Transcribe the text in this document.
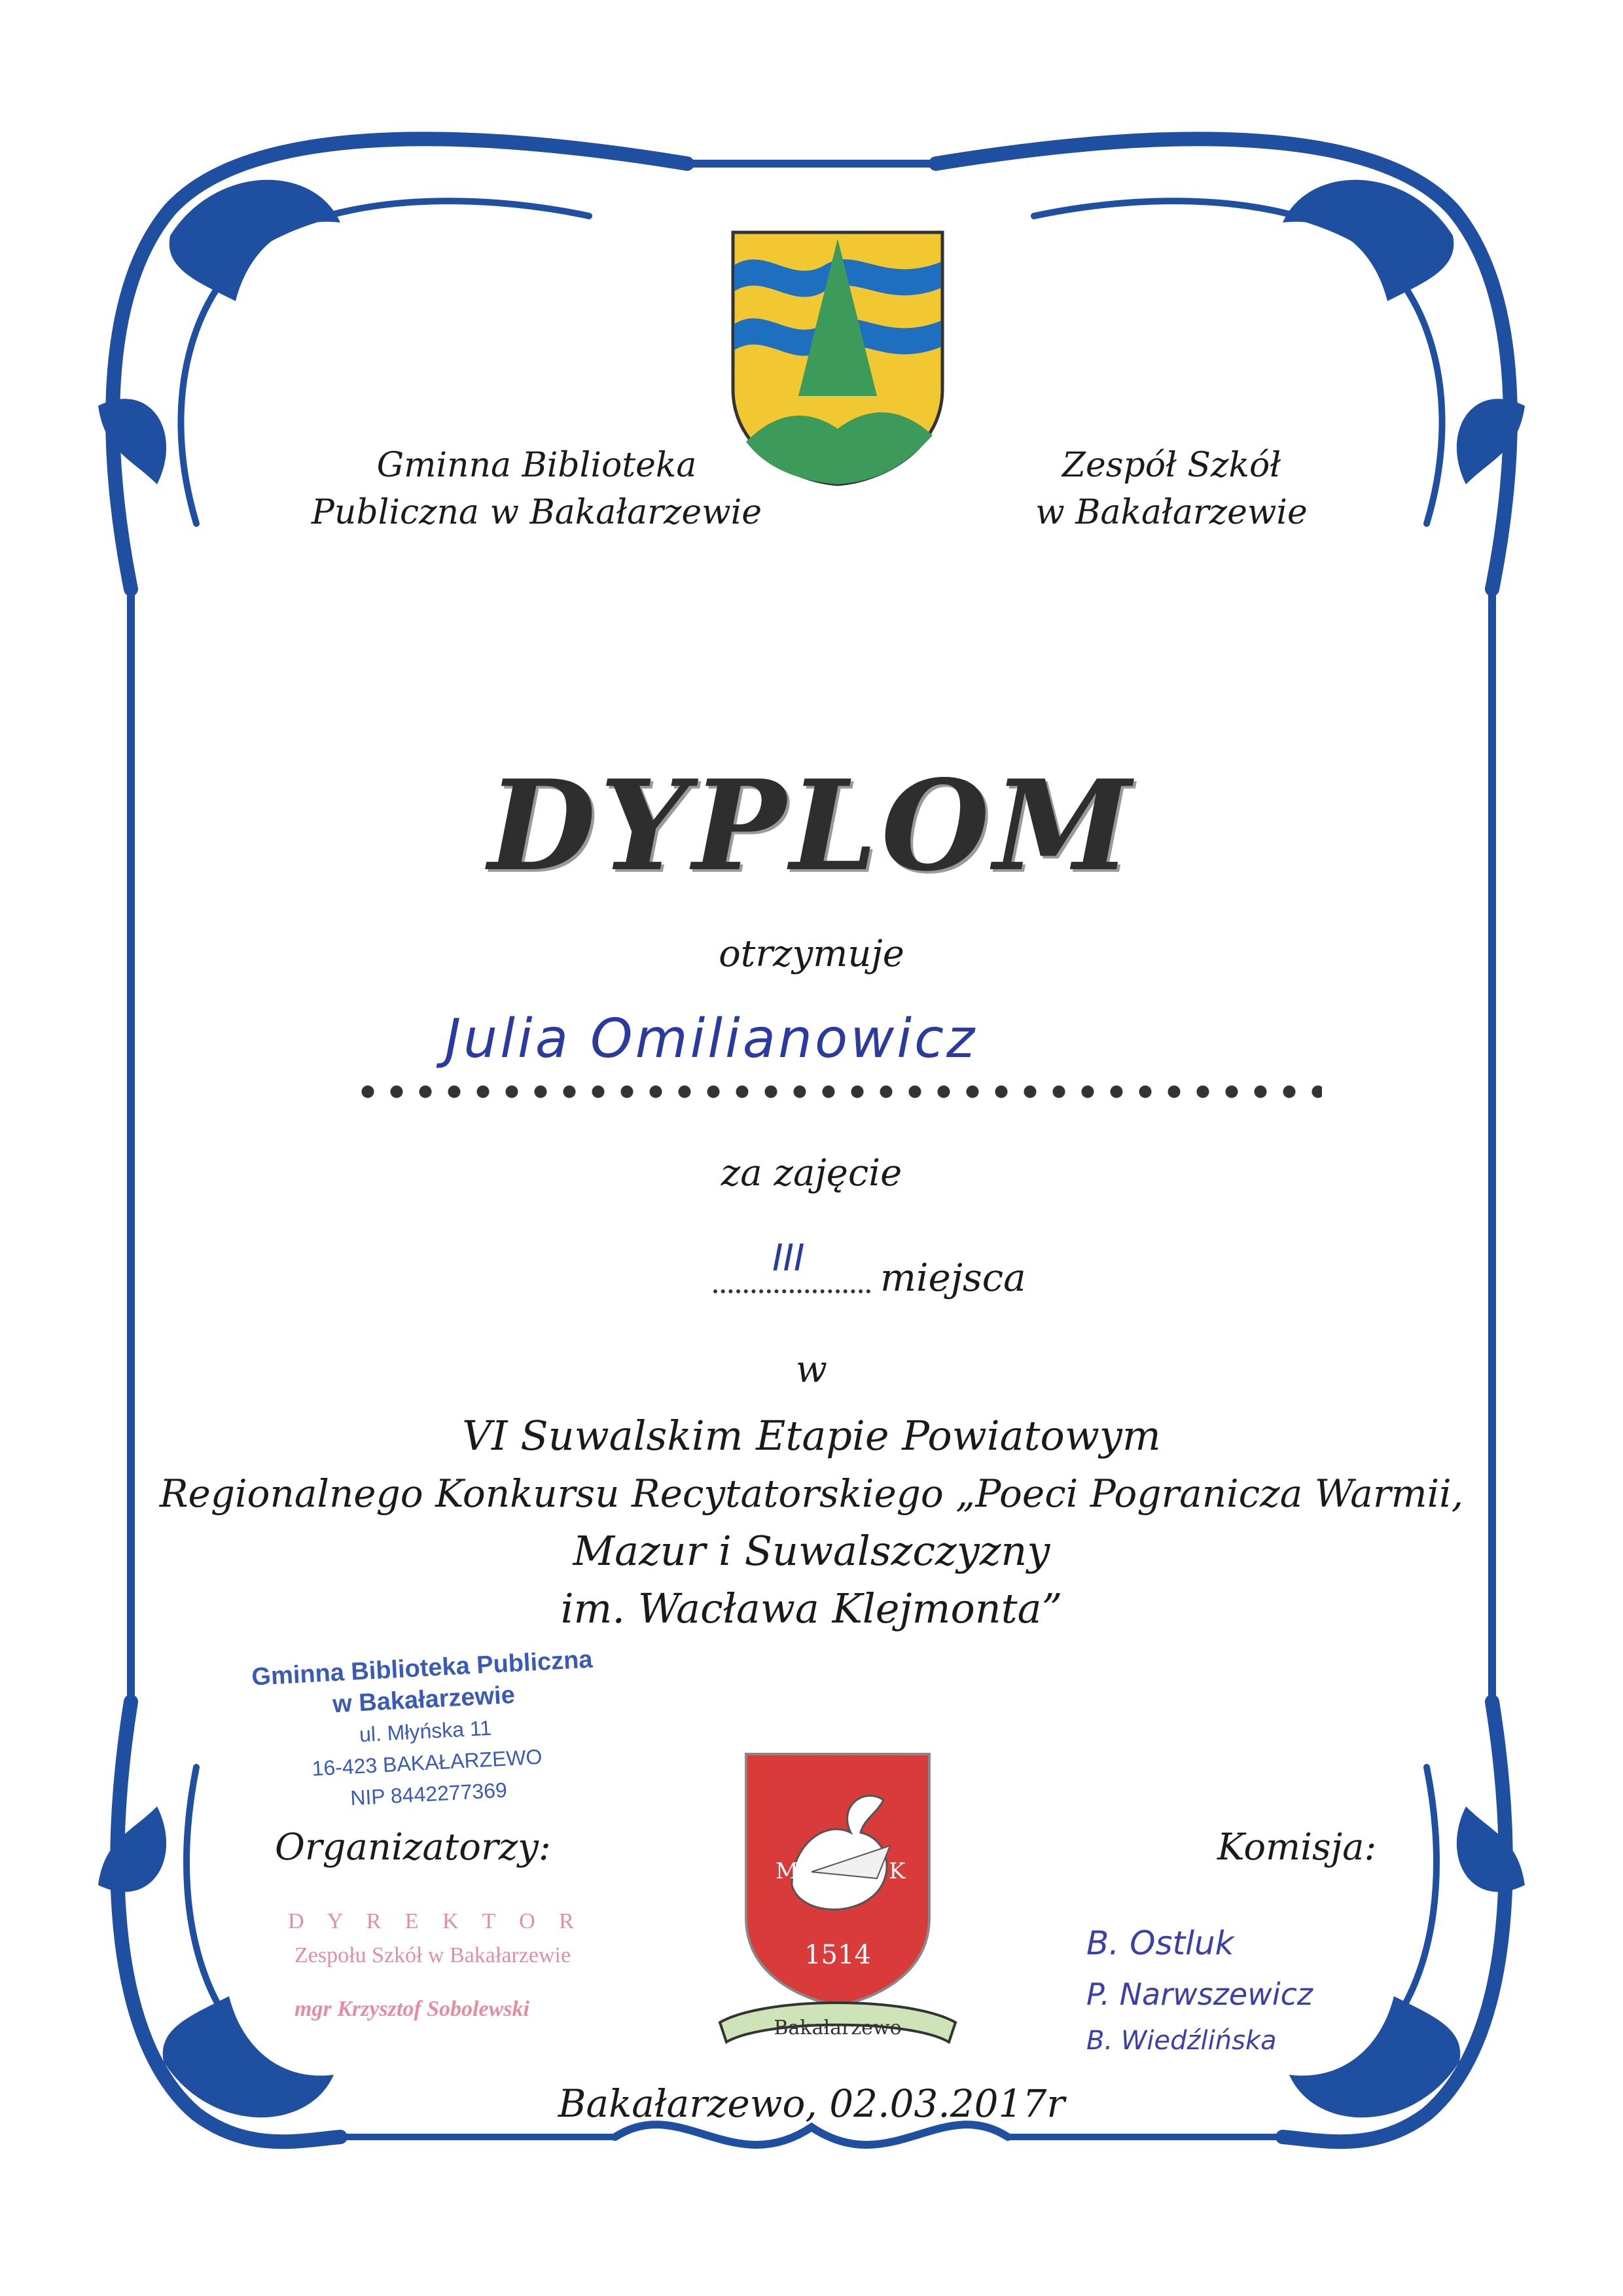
Gminna Biblioteka
Publiczna w Bakałarzewie
Zespół Szkół
w Bakałarzewie
DYPLOM
otrzymuje
Julia Omilianowicz
za zajęcie
III miejsca
w
VI Suwalskim Etapie Powiatowym
Regionalnego Konkursu Recytatorskiego „Poeci Pogranicza Warmii,
Mazur i Suwalszczyzny
im. Wacława Klejmonta”
Gminna Biblioteka Publiczna
w Bakałarzewie
ul. Młyńska 11
16-423 BAKAŁARZEWO
NIP 8442277369
Organizatorzy:
D Y R E K T O R
Zespołu Szkół w Bakałarzewie
mgr Krzysztof Sobolewski
M	K
1514
Bakałarzewo
Komisja:
B. Ostluk
P. Narwszewicz
B. Wiedźlińska
Bakałarzewo, 02.03.2017r
